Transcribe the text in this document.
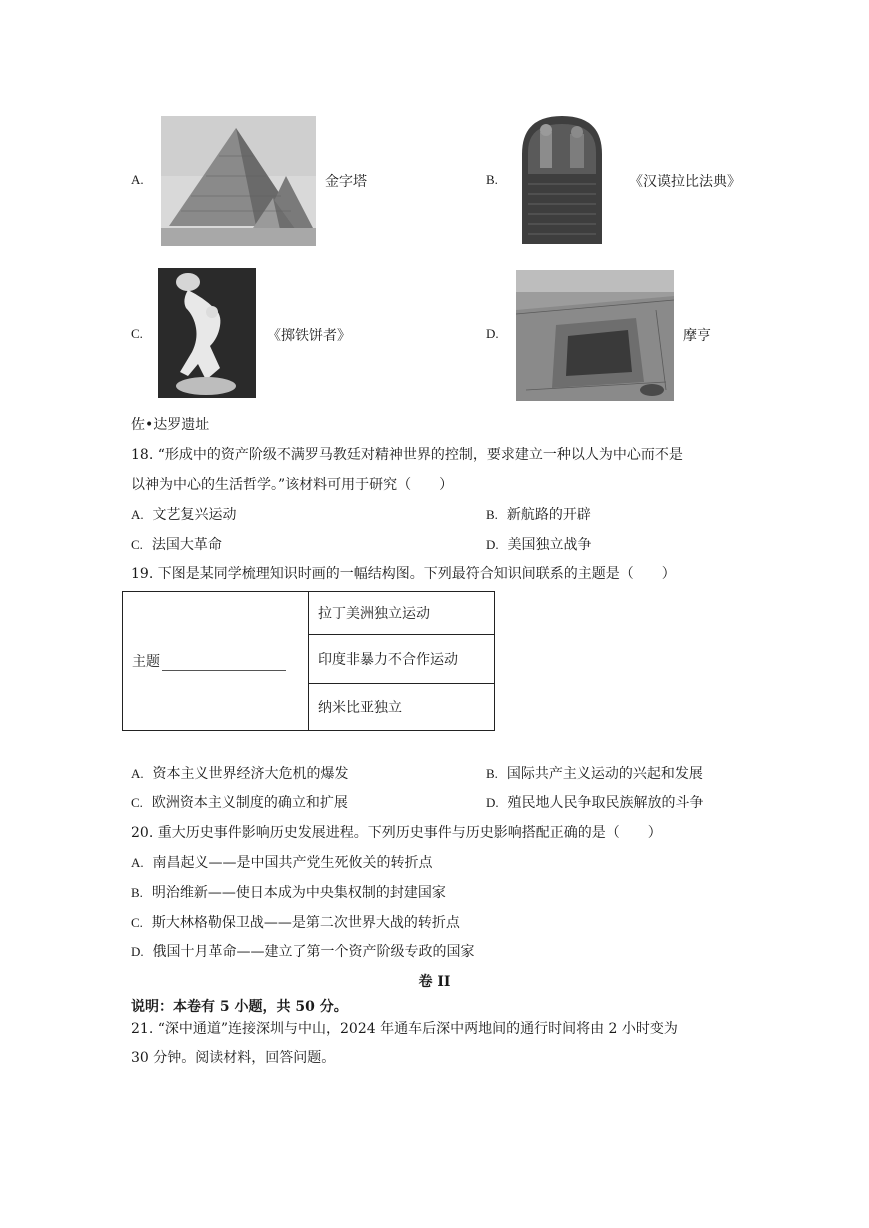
A.	金字塔	B.	《汉谟拉比法典》
C.	《掷铁饼者》	D.	摩亨
佐•达罗遗址
18. “形成中的资产阶级不满罗马教廷对精神世界的控制，要求建立一种以人为中心而不是
以神为中心的生活哲学。”该材料可用于研究（　　）
A. 文艺复兴运动	B. 新航路的开辟
C. 法国大革命	D. 美国独立战争
19. 下图是某同学梳理知识时画的一幅结构图。下列最符合知识间联系的主题是（　　）
主题	拉丁美洲独立运动
印度非暴力不合作运动
纳米比亚独立
A. 资本主义世界经济大危机的爆发	B. 国际共产主义运动的兴起和发展
C. 欧洲资本主义制度的确立和扩展	D. 殖民地人民争取民族解放的斗争
20. 重大历史事件影响历史发展进程。下列历史事件与历史影响搭配正确的是（　　）
A. 南昌起义——是中国共产党生死攸关的转折点
B. 明治维新——使日本成为中央集权制的封建国家
C. 斯大林格勒保卫战——是第二次世界大战的转折点
D. 俄国十月革命——建立了第一个资产阶级专政的国家
卷 II
说明：本卷有 5 小题，共 50 分。
21. “深中通道”连接深圳与中山，2024 年通车后深中两地间的通行时间将由 2 小时变为
30 分钟。阅读材料，回答问题。
